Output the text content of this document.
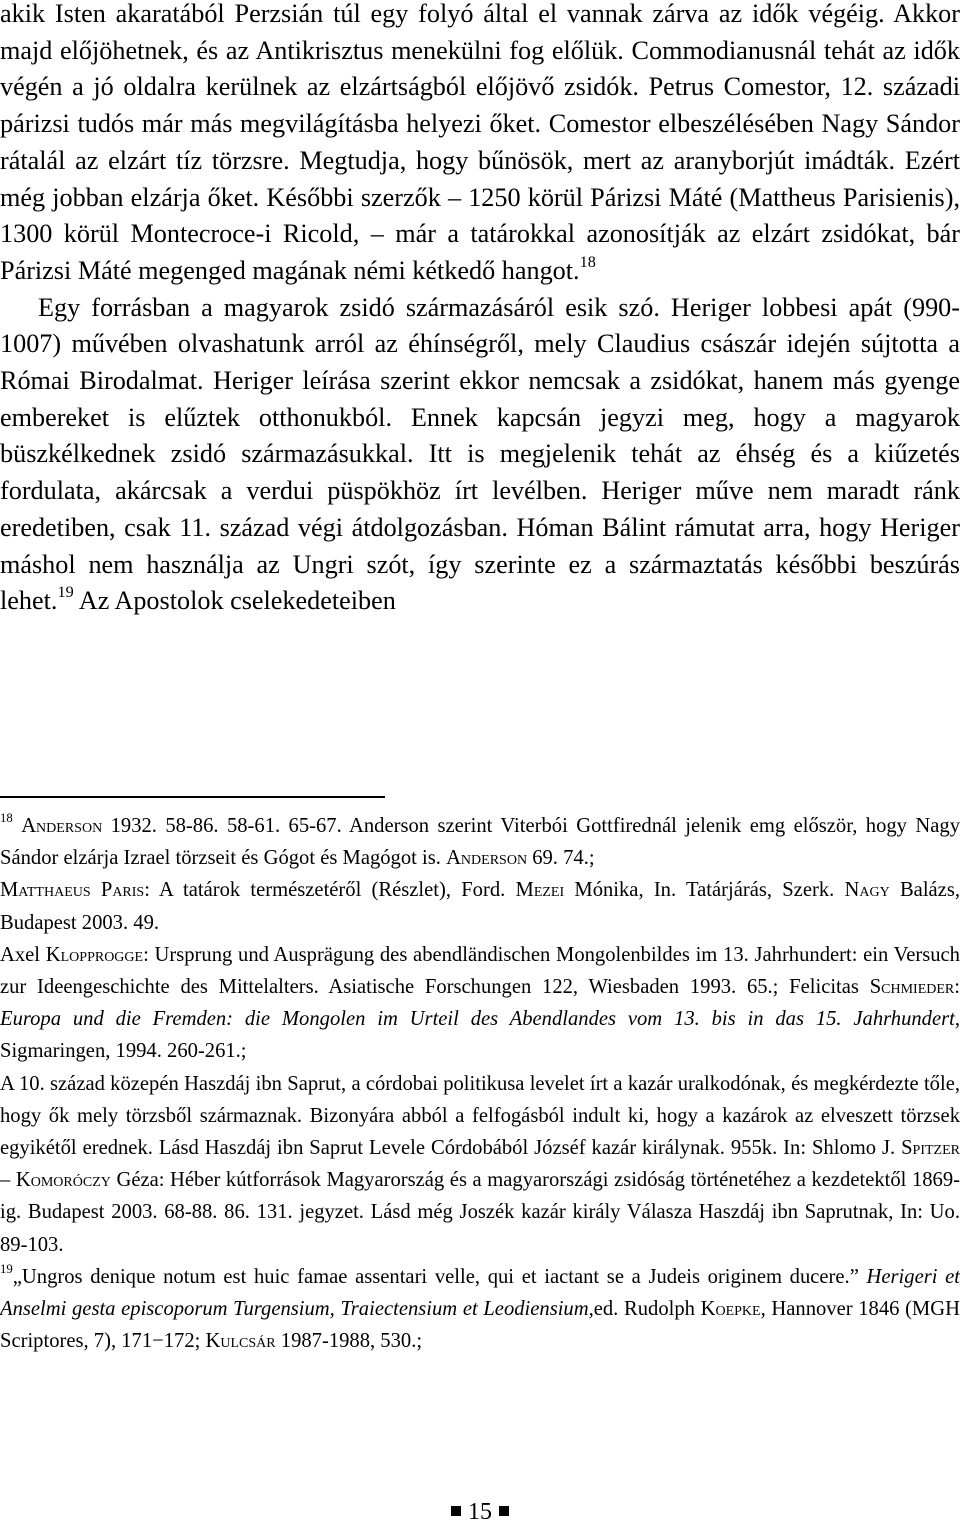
akik Isten akaratából Perzsián túl egy folyó által el vannak zárva az idők végéig. Akkor majd előjöhetnek, és az Antikrisztus menekülni fog előlük. Commodianusnál tehát az idők végén a jó oldalra kerülnek az elzártságból előjövő zsidók. Petrus Comestor, 12. századi párizsi tudós már más megvilágításba helyezi őket. Comestor elbeszélésében Nagy Sándor rátalál az elzárt tíz törzsre. Megtudja, hogy bűnösök, mert az aranyborjút imádták. Ezért még jobban elzárja őket. Későbbi szerzők – 1250 körül Párizsi Máté (Mattheus Parisienis), 1300 körül Montecroce-i Ricold, – már a tatárokkal azonosítják az elzárt zsidókat, bár Párizsi Máté megenged magának némi kétkedő hangot.$^{18}$

Egy forrásban a magyarok zsidó származásáról esik szó. Heriger lobbesi apát (990-1007) művében olvashatunk arról az éhínségről, mely Claudius császár idején sújtotta a Római Birodalmat. Heriger leírása szerint ekkor nemcsak a zsidókat, hanem más gyenge embereket is elűztek otthonukból. Ennek kapcsán jegyzi meg, hogy a magyarok büszkélkednek zsidó származásukkal. Itt is megjelenik tehát az éhség és a kiűzetés fordulata, akárcsak a verdui püspökhöz írt levélben. Heriger műve nem maradt ránk eredetiben, csak 11. század végi átdolgozásban. Hóman Bálint rámutat arra, hogy Heriger máshol nem használja az Ungri szót, így szerinte ez a származtatás későbbi beszúrás lehet.$^{19}$ Az Apostolok cselekedeteiben

$^{18}$ Anderson 1932. 58-86. 58-61. 65-67. Anderson szerint Viterbói Gottfirednál jelenik emg először, hogy Nagy Sándor elzárja Izrael törzseit és Gógot és Magógot is. Anderson 69. 74.;

Matthaeus Paris: A tatárok természetéről (Részlet), Ford. Mezei Mónika, In. Tatárjárás, Szerk. Nagy Balázs, Budapest 2003. 49.

Axel Klopprogge: Ursprung und Ausprägung des abendländischen Mongolenbildes im 13. Jahrhundert: ein Versuch zur Ideengeschichte des Mittelalters. Asiatische Forschungen 122, Wiesbaden 1993. 65.; Felicitas Schmieder: Europa und die Fremden: die Mongolen im Urteil des Abendlandes vom 13. bis in das 15. Jahrhundert, Sigmaringen, 1994. 260-261.;

A 10. század közepén Haszdáj ibn Saprut, a córdobai politikusa levelet írt a kazár uralkodónak, és megkérdezte tőle, hogy ők mely törzsből származnak. Bizonyára abból a felfogásból indult ki, hogy a kazárok az elveszett törzsek egyikétől erednek. Lásd Haszdáj ibn Saprut Levele Córdobából Józséf kazár királynak. 955k. In: Shlomo J. Spitzer – Komoróczy Géza: Héber kútforrások Magyarország és a magyarországi zsidóság történetéhez a kezdetektől 1869-ig. Budapest 2003. 68-88. 86. 131. jegyzet. Lásd még Joszék kazár király Válasza Haszdáj ibn Saprutnak, In: Uo. 89-103.

$^{19}$„Ungros denique notum est huic famae assentari velle, qui et iactant se a Judeis originem ducere.” Herigeri et Anselmi gesta episcoporum Turgensium, Traiectensium et Leodiensium,ed. Rudolph Koepke, Hannover 1846 (MGH Scriptores, 7), 171−172; Kulcsár 1987-1988, 530.;

15
